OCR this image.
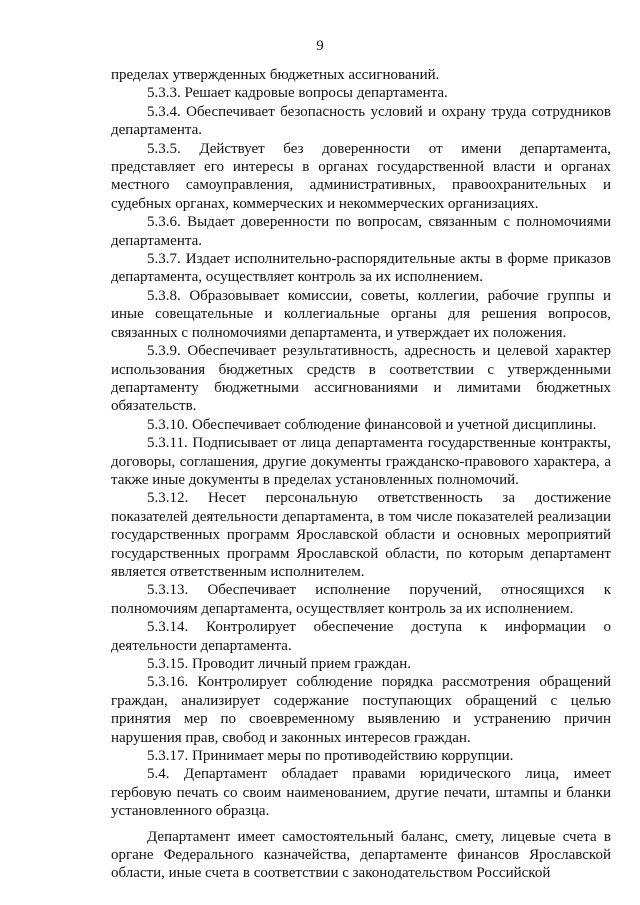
9
пределах утвержденных бюджетных ассигнований.
5.3.3. Решает кадровые вопросы департамента.
5.3.4. Обеспечивает безопасность условий и охрану труда сотрудников
департамента.
5.3.5. Действует без доверенности от имени департамента,
представляет его интересы в органах государственной власти и органах
местного самоуправления, административных, правоохранительных и
судебных органах, коммерческих и некоммерческих организациях.
5.3.6. Выдает доверенности по вопросам, связанным с полномочиями
департамента.
5.3.7. Издает исполнительно-распорядительные акты в форме приказов
департамента, осуществляет контроль за их исполнением.
5.3.8. Образовывает комиссии, советы, коллегии, рабочие группы и
иные совещательные и коллегиальные органы для решения вопросов,
связанных с полномочиями департамента, и утверждает их положения.
5.3.9. Обеспечивает результативность, адресность и целевой характер
использования бюджетных средств в соответствии с утвержденными
департаменту бюджетными ассигнованиями и лимитами бюджетных
обязательств.
5.3.10. Обеспечивает соблюдение финансовой и учетной дисциплины.
5.3.11. Подписывает от лица департамента государственные контракты,
договоры, соглашения, другие документы гражданско-правового характера, а
также иные документы в пределах установленных полномочий.
5.3.12. Несет персональную ответственность за достижение
показателей деятельности департамента, в том числе показателей реализации
государственных программ Ярославской области и основных мероприятий
государственных программ Ярославской области, по которым департамент
является ответственным исполнителем.
5.3.13. Обеспечивает исполнение поручений, относящихся к
полномочиям департамента, осуществляет контроль за их исполнением.
5.3.14. Контролирует обеспечение доступа к информации о
деятельности департамента.
5.3.15. Проводит личный прием граждан.
5.3.16. Контролирует соблюдение порядка рассмотрения обращений
граждан, анализирует содержание поступающих обращений с целью
принятия мер по своевременному выявлению и устранению причин
нарушения прав, свобод и законных интересов граждан.
5.3.17. Принимает меры по противодействию коррупции.
5.4. Департамент обладает правами юридического лица, имеет
гербовую печать со своим наименованием, другие печати, штампы и бланки
установленного образца.
Департамент имеет самостоятельный баланс, смету, лицевые счета в
органе Федерального казначейства, департаменте финансов Ярославской
области, иные счета в соответствии с законодательством Российской
